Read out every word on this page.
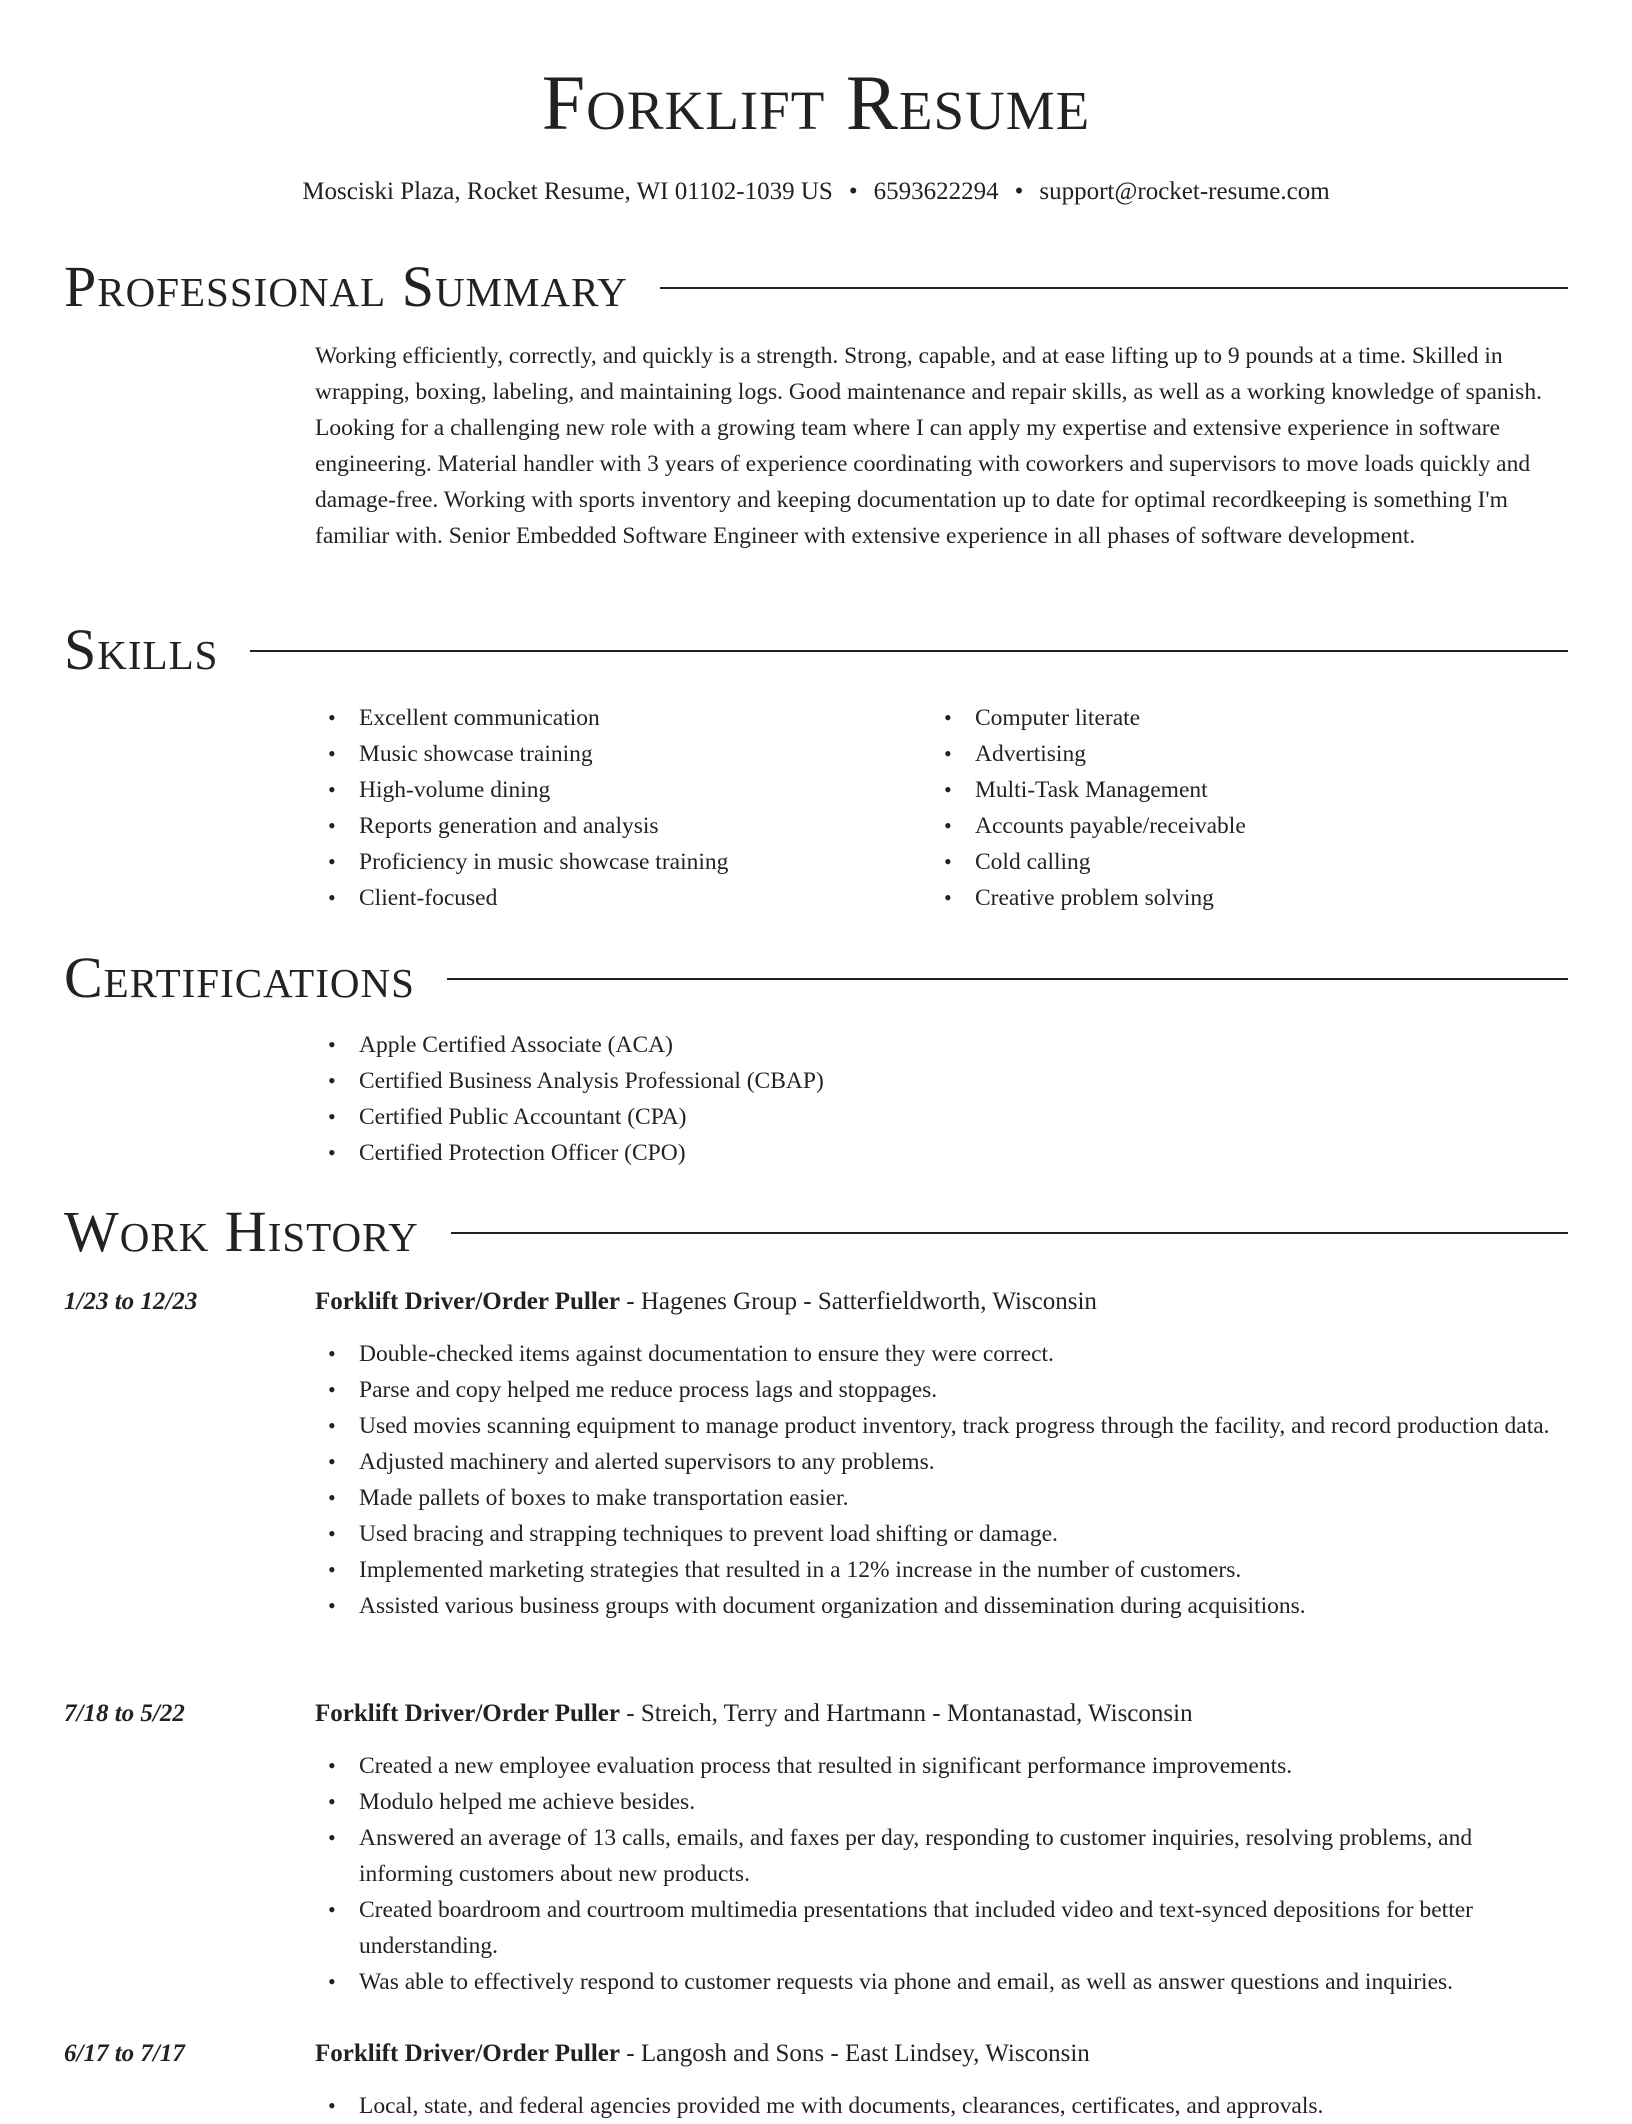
Forklift Resume
Mosciski Plaza, Rocket Resume, WI 01102-1039 US • 6593622294 • support@rocket-resume.com
Professional Summary

Working efficiently, correctly, and quickly is a strength. Strong, capable, and at ease lifting up to 9 pounds at a time. Skilled in wrapping, boxing, labeling, and maintaining logs. Good maintenance and repair skills, as well as a working knowledge of spanish. Looking for a challenging new role with a growing team where I can apply my expertise and extensive experience in software engineering. Material handler with 3 years of experience coordinating with coworkers and supervisors to move loads quickly and damage-free. Working with sports inventory and keeping documentation up to date for optimal recordkeeping is something I'm familiar with. Senior Embedded Software Engineer with extensive experience in all phases of software development.

Skills
• Excellent communication
• Music showcase training
• High-volume dining
• Reports generation and analysis
• Proficiency in music showcase training
• Client-focused
• Computer literate
• Advertising
• Multi-Task Management
• Accounts payable/receivable
• Cold calling
• Creative problem solving
Certifications
• Apple Certified Associate (ACA)
• Certified Business Analysis Professional (CBAP)
• Certified Public Accountant (CPA)
• Certified Protection Officer (CPO)
Work History
1/23 to 12/23	Forklift Driver/Order Puller - Hagenes Group - Satterfieldworth, Wisconsin
• Double-checked items against documentation to ensure they were correct.
• Parse and copy helped me reduce process lags and stoppages.
• Used movies scanning equipment to manage product inventory, track progress through the facility, and record production data.
• Adjusted machinery and alerted supervisors to any problems.
• Made pallets of boxes to make transportation easier.
• Used bracing and strapping techniques to prevent load shifting or damage.
• Implemented marketing strategies that resulted in a 12% increase in the number of customers.
• Assisted various business groups with document organization and dissemination during acquisitions.
7/18 to 5/22	Forklift Driver/Order Puller - Streich, Terry and Hartmann - Montanastad, Wisconsin
• Created a new employee evaluation process that resulted in significant performance improvements.
• Modulo helped me achieve besides.
• Answered an average of 13 calls, emails, and faxes per day, responding to customer inquiries, resolving problems, and informing customers about new products.
• Created boardroom and courtroom multimedia presentations that included video and text-synced depositions for better understanding.
• Was able to effectively respond to customer requests via phone and email, as well as answer questions and inquiries.
6/17 to 7/17	Forklift Driver/Order Puller - Langosh and Sons - East Lindsey, Wisconsin
• Local, state, and federal agencies provided me with documents, clearances, certificates, and approvals.
